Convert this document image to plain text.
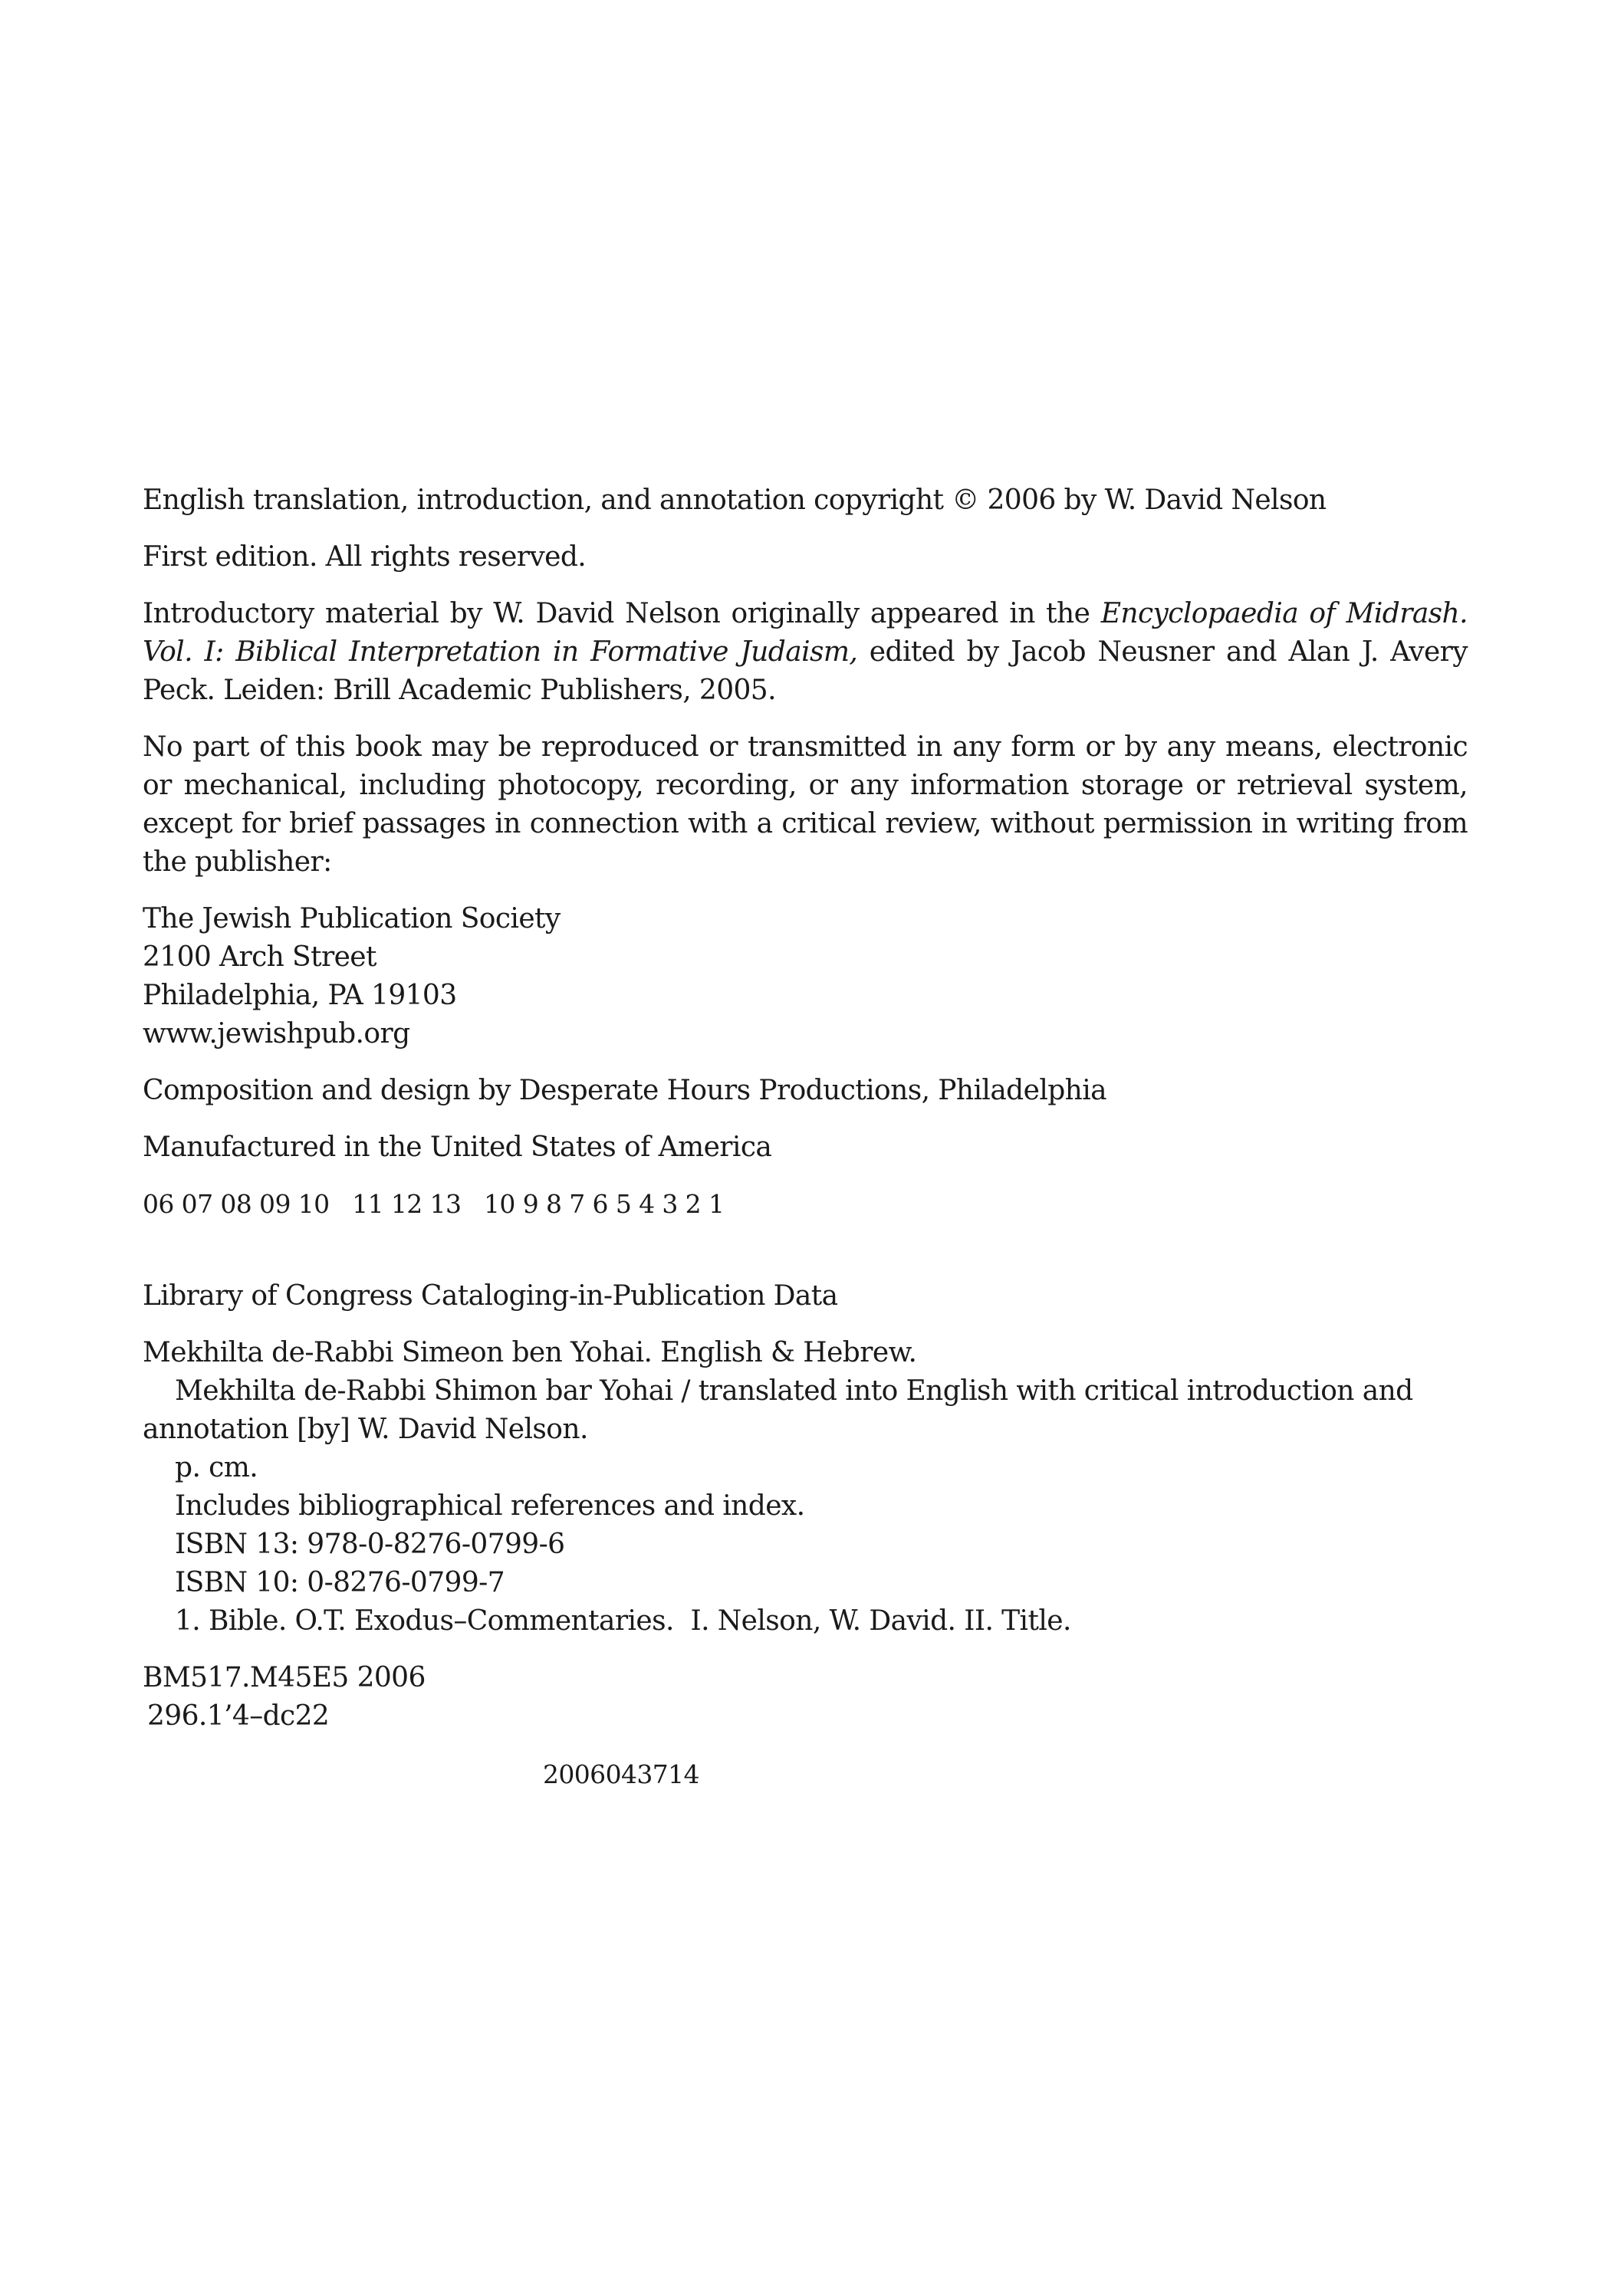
English translation, introduction, and annotation copyright © 2006 by W. David Nelson

First edition. All rights reserved.

Introductory material by W. David Nelson originally appeared in the Encyclopaedia of Midrash. Vol. I: Biblical Interpretation in Formative Judaism, edited by Jacob Neusner and Alan J. Avery Peck. Leiden: Brill Academic Publishers, 2005.

No part of this book may be reproduced or transmitted in any form or by any means, electronic or mechanical, including photocopy, recording, or any information storage or retrieval system, except for brief passages in connection with a critical review, without permission in writing from the publisher:

The Jewish Publication Society
2100 Arch Street
Philadelphia, PA 19103
www.jewishpub.org

Composition and design by Desperate Hours Productions, Philadelphia

Manufactured in the United States of America

06 07 08 09 10   11 12 13   10 9 8 7 6 5 4 3 2 1

Library of Congress Cataloging-in-Publication Data

Mekhilta de-Rabbi Simeon ben Yohai. English & Hebrew.
Mekhilta de-Rabbi Shimon bar Yohai / translated into English with critical introduction and annotation [by] W. David Nelson.
p. cm.
Includes bibliographical references and index.
ISBN 13: 978-0-8276-0799-6
ISBN 10: 0-8276-0799-7
1. Bible. O.T. Exodus–Commentaries.  I. Nelson, W. David. II. Title.
BM517.M45E5 2006
296.1’4–dc22

2006043714
